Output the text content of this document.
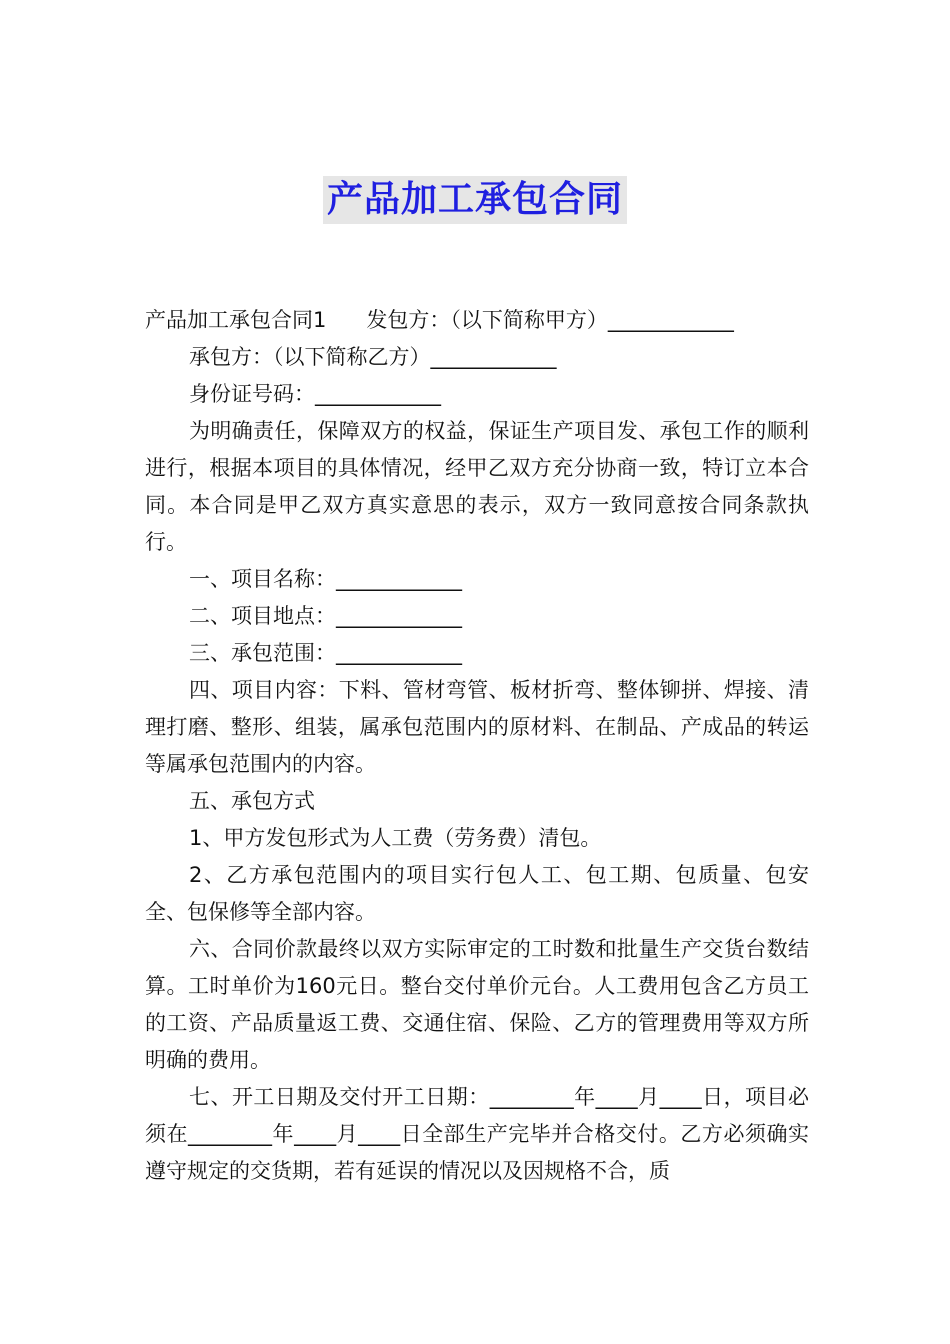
产品加工承包合同

产品加工承包合同1 发包方：（以下简称甲方）____________

承包方：（以下简称乙方）____________

身份证号码：____________

为明确责任，保障双方的权益，保证生产项目发、承包工作的顺利进行，根据本项目的具体情况，经甲乙双方充分协商一致，特订立本合同。本合同是甲乙双方真实意思的表示，双方一致同意按合同条款执行。

一、项目名称：____________

二、项目地点：____________

三、承包范围：____________

四、项目内容：下料、管材弯管、板材折弯、整体铆拼、焊接、清理打磨、整形、组装，属承包范围内的原材料、在制品、产成品的转运等属承包范围内的内容。

五、承包方式

1、甲方发包形式为人工费（劳务费）清包。

2、乙方承包范围内的项目实行包人工、包工期、包质量、包安全、包保修等全部内容。

六、合同价款最终以双方实际审定的工时数和批量生产交货台数结算。工时单价为160元日。整台交付单价元台。人工费用包含乙方员工的工资、产品质量返工费、交通住宿、保险、乙方的管理费用等双方所明确的费用。

七、开工日期及交付开工日期：________年____月____日，项目必须在________年____月____日全部生产完毕并合格交付。乙方必须确实遵守规定的交货期，若有延误的情况以及因规格不合，质
